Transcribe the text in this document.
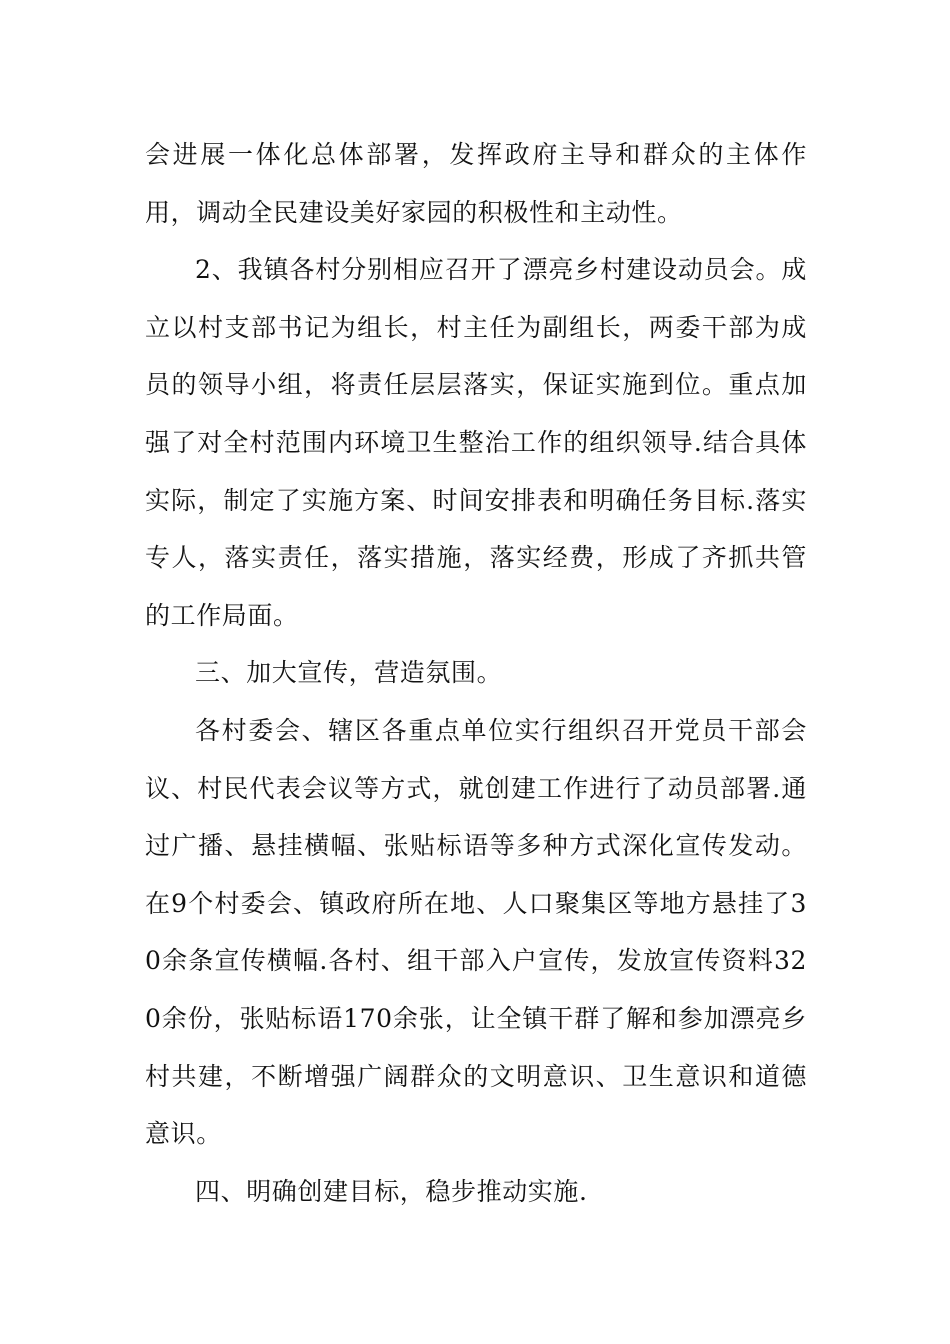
会进展一体化总体部署，发挥政府主导和群众的主体作用，调动全民建设美好家园的积极性和主动性。

2、我镇各村分别相应召开了漂亮乡村建设动员会。成立以村支部书记为组长，村主任为副组长，两委干部为成员的领导小组，将责任层层落实，保证实施到位。重点加强了对全村范围内环境卫生整治工作的组织领导.结合具体实际，制定了实施方案、时间安排表和明确任务目标.落实专人，落实责任，落实措施，落实经费，形成了齐抓共管的工作局面。

三、加大宣传，营造氛围。

各村委会、辖区各重点单位实行组织召开党员干部会议、村民代表会议等方式，就创建工作进行了动员部署.通过广播、悬挂横幅、张贴标语等多种方式深化宣传发动。在9个村委会、镇政府所在地、人口聚集区等地方悬挂了30余条宣传横幅.各村、组干部入户宣传，发放宣传资料320余份，张贴标语170余张，让全镇干群了解和参加漂亮乡村共建，不断增强广阔群众的文明意识、卫生意识和道德意识。

四、明确创建目标，稳步推动实施.
